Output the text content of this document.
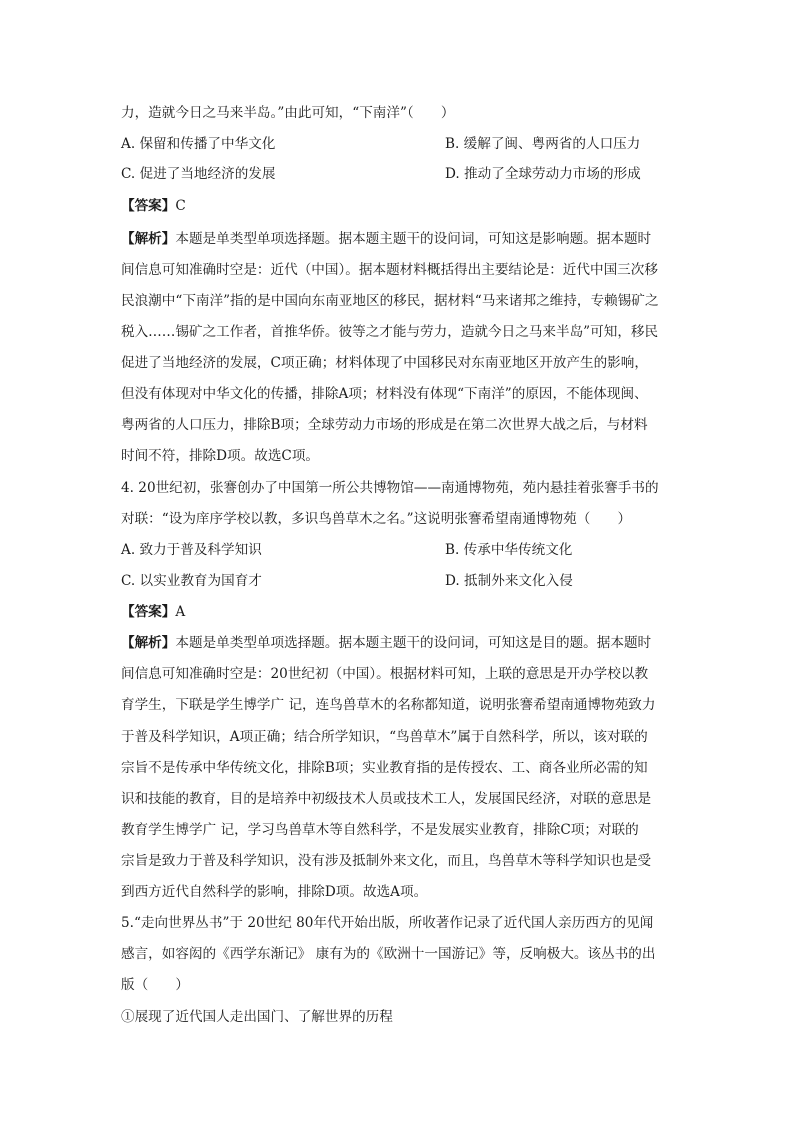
力，造就今日之马来半岛。”由此可知，“下南洋”（　　）
A. 保留和传播了中华文化	B. 缓解了闽、粤两省的人口压力
C. 促进了当地经济的发展	D. 推动了全球劳动力市场的形成
【答案】C
【解析】本题是单类型单项选择题。据本题主题干的设问词，可知这是影响题。据本题时
间信息可知准确时空是：近代（中国）。据本题材料概括得出主要结论是：近代中国三次移
民浪潮中“下南洋”指的是中国向东南亚地区的移民，据材料“马来诸邦之维持，专赖锡矿之
税入……锡矿之工作者，首推华侨。彼等之才能与劳力，造就今日之马来半岛”可知，移民
促进了当地经济的发展，C项正确；材料体现了中国移民对东南亚地区开放产生的影响，
但没有体现对中华文化的传播，排除A项；材料没有体现“下南洋”的原因，不能体现闽、
粤两省的人口压力，排除B项；全球劳动力市场的形成是在第二次世界大战之后，与材料
时间不符，排除D项。故选C项。
4. 20世纪初，张謇创办了中国第一所公共博物馆——南通博物苑，苑内悬挂着张謇手书的
对联：“设为庠序学校以教，多识鸟兽草木之名。”这说明张謇希望南通博物苑（　　）
A. 致力于普及科学知识	B. 传承中华传统文化
C. 以实业教育为国育才	D. 抵制外来文化入侵
【答案】A
【解析】本题是单类型单项选择题。据本题主题干的设问词，可知这是目的题。据本题时
间信息可知准确时空是：20世纪初（中国）。根据材料可知，上联的意思是开办学校以教
育学生，下联是学生博学广 记，连鸟兽草木的名称都知道，说明张謇希望南通博物苑致力
于普及科学知识，A项正确；结合所学知识，“鸟兽草木”属于自然科学，所以，该对联的
宗旨不是传承中华传统文化，排除B项；实业教育指的是传授农、工、商各业所必需的知
识和技能的教育，目的是培养中初级技术人员或技术工人，发展国民经济，对联的意思是
教育学生博学广 记，学习鸟兽草木等自然科学，不是发展实业教育，排除C项；对联的
宗旨是致力于普及科学知识，没有涉及抵制外来文化，而且，鸟兽草木等科学知识也是受
到西方近代自然科学的影响，排除D项。故选A项。
5.“走向世界丛书”于 20世纪 80年代开始出版，所收著作记录了近代国人亲历西方的见闻
感言，如容闳的《西学东渐记》 康有为的《欧洲十一国游记》等，反响极大。该丛书的出
版（　　）
①展现了近代国人走出国门、了解世界的历程
